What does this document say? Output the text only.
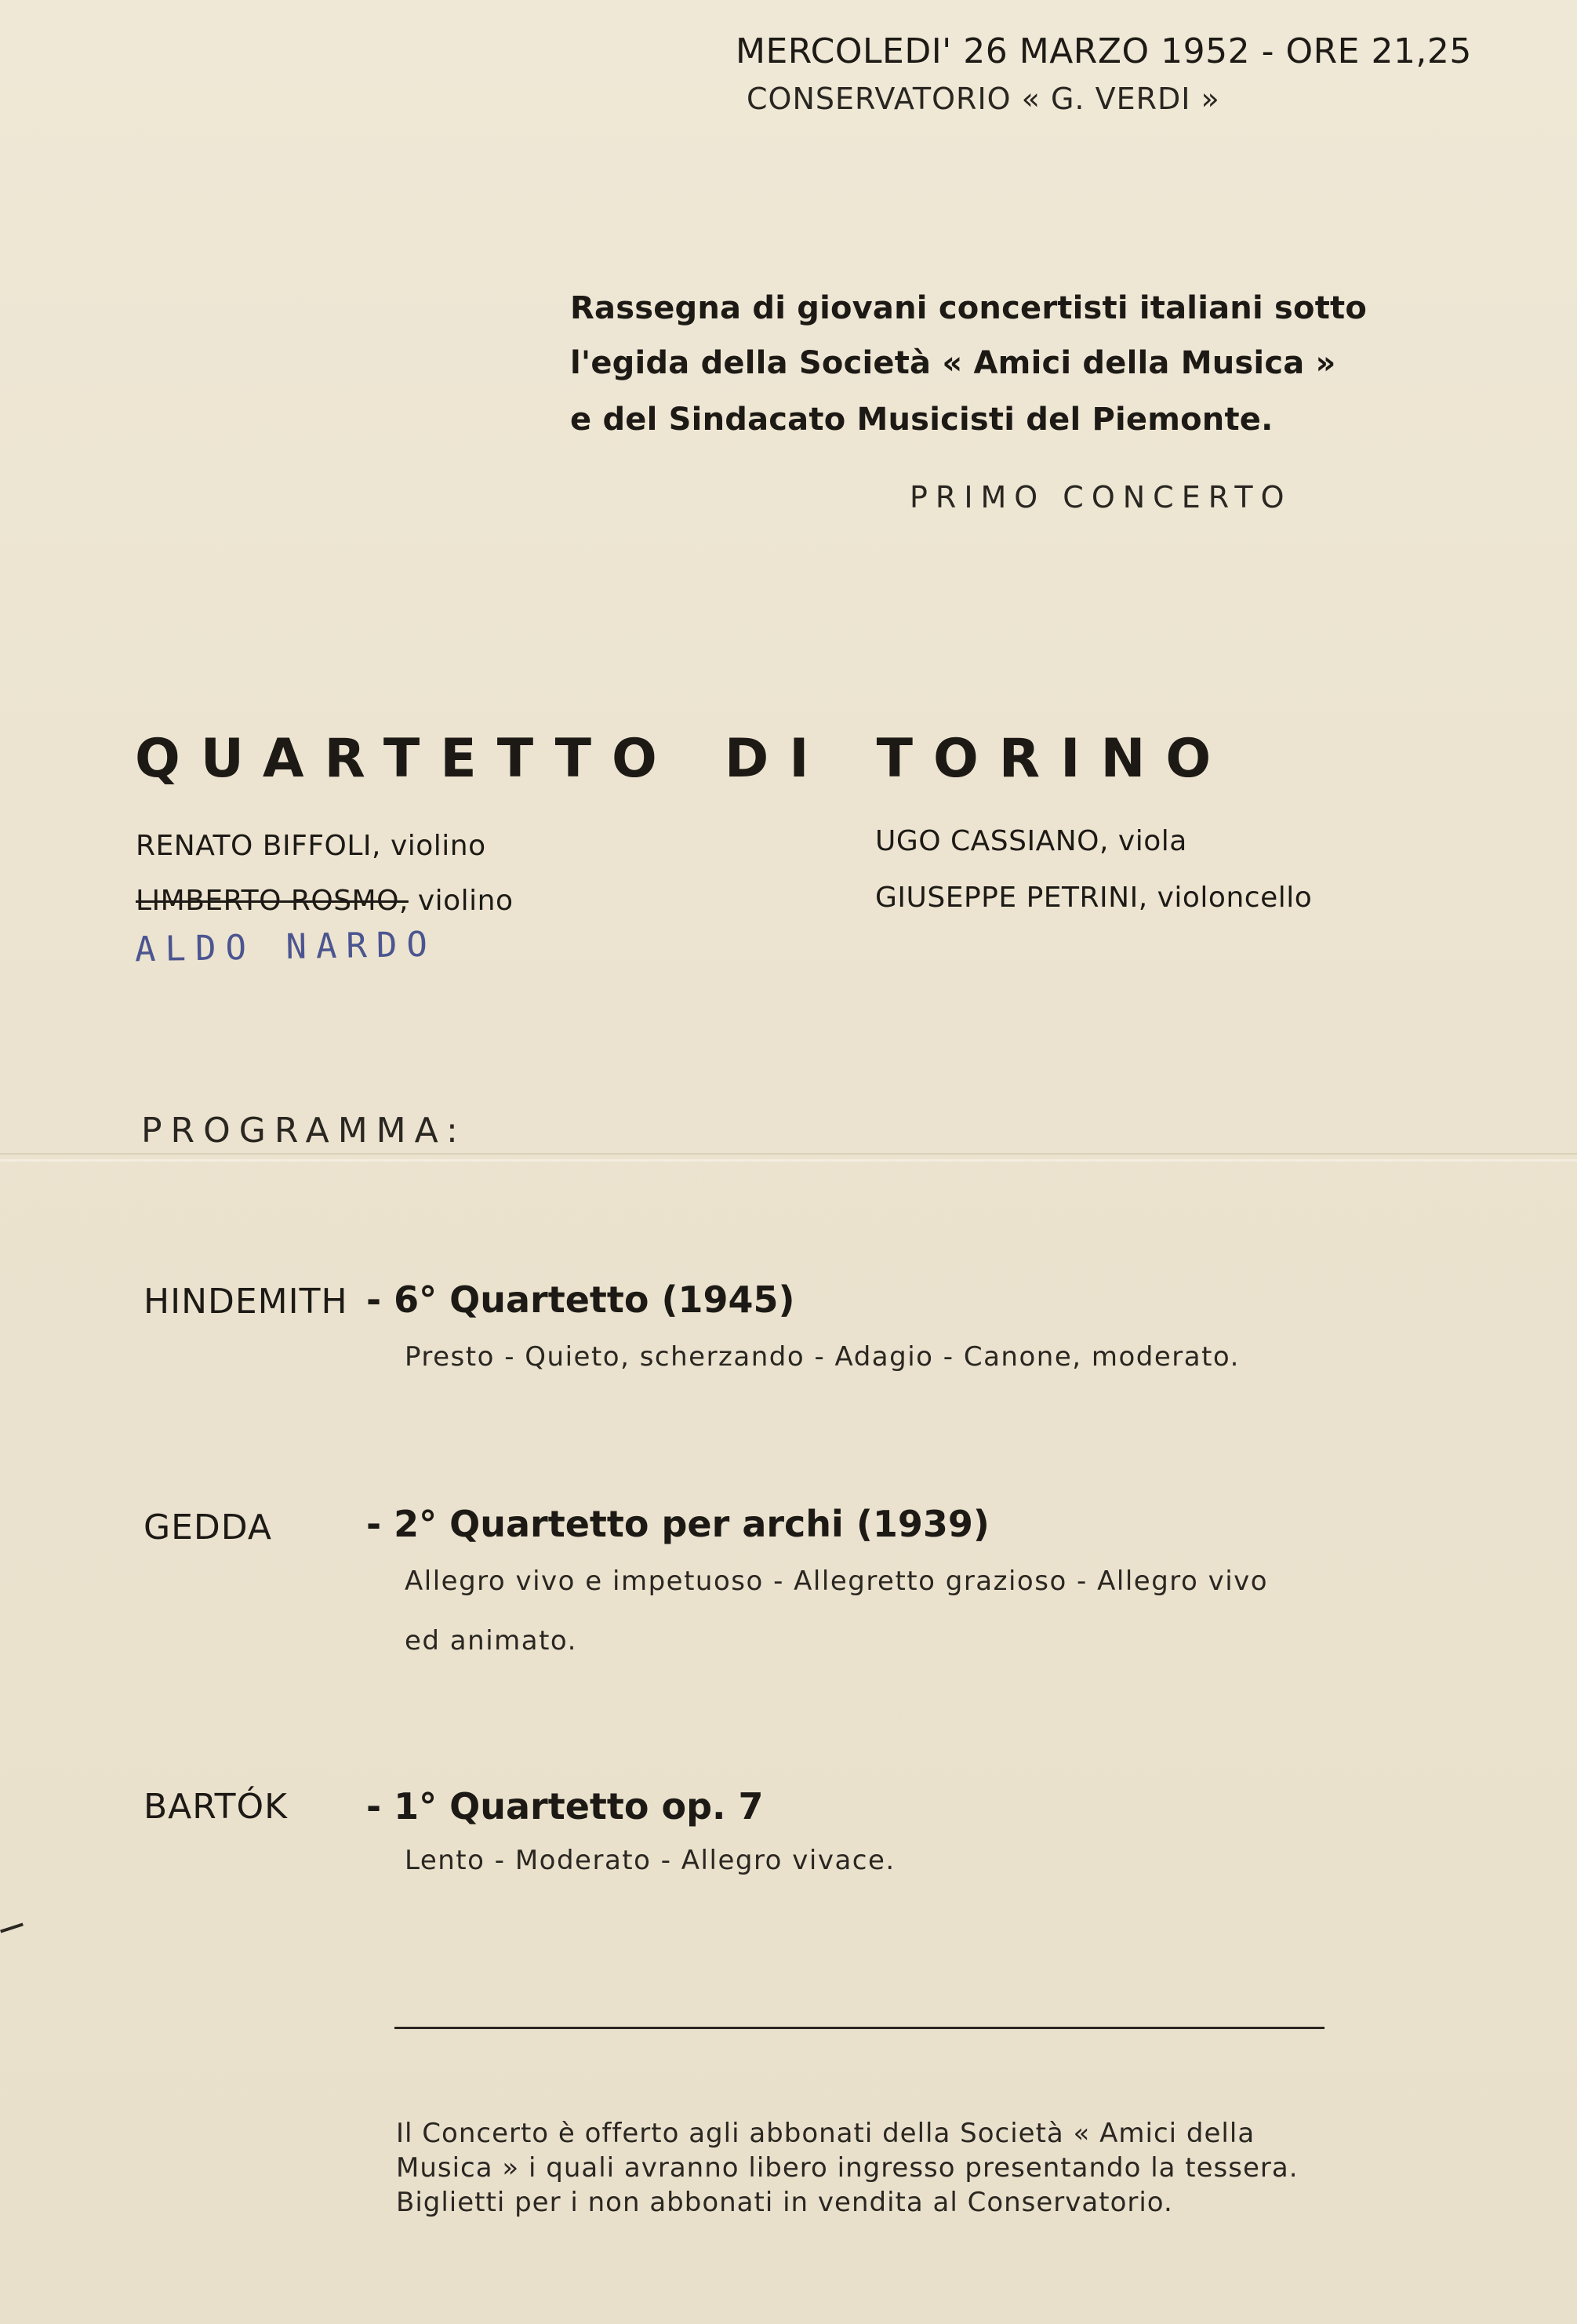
MERCOLEDI' 26 MARZO 1952 - ORE 21,25
CONSERVATORIO « G. VERDI »
Rassegna di giovani concertisti italiani sotto
l'egida della Società « Amici della Musica »
e del Sindacato Musicisti del Piemonte.
PRIMO CONCERTO
QUARTETTO DI TORINO
RENATO BIFFOLI, violino
LIMBERTO ROSMO, violino
UGO CASSIANO, viola
GIUSEPPE PETRINI, violoncello
ALDO NARDO
PROGRAMMA:
HINDEMITH - 6° Quartetto (1945)
Presto - Quieto, scherzando - Adagio - Canone, moderato.
GEDDA	- 2° Quartetto per archi (1939)
Allegro vivo e impetuoso - Allegretto grazioso - Allegro vivo
ed animato.
BARTÓK - 1° Quartetto op. 7
Lento - Moderato - Allegro vivace.
Il Concerto è offerto agli abbonati della Società « Amici della
Musica » i quali avranno libero ingresso presentando la tessera.
Biglietti per i non abbonati in vendita al Conservatorio.
